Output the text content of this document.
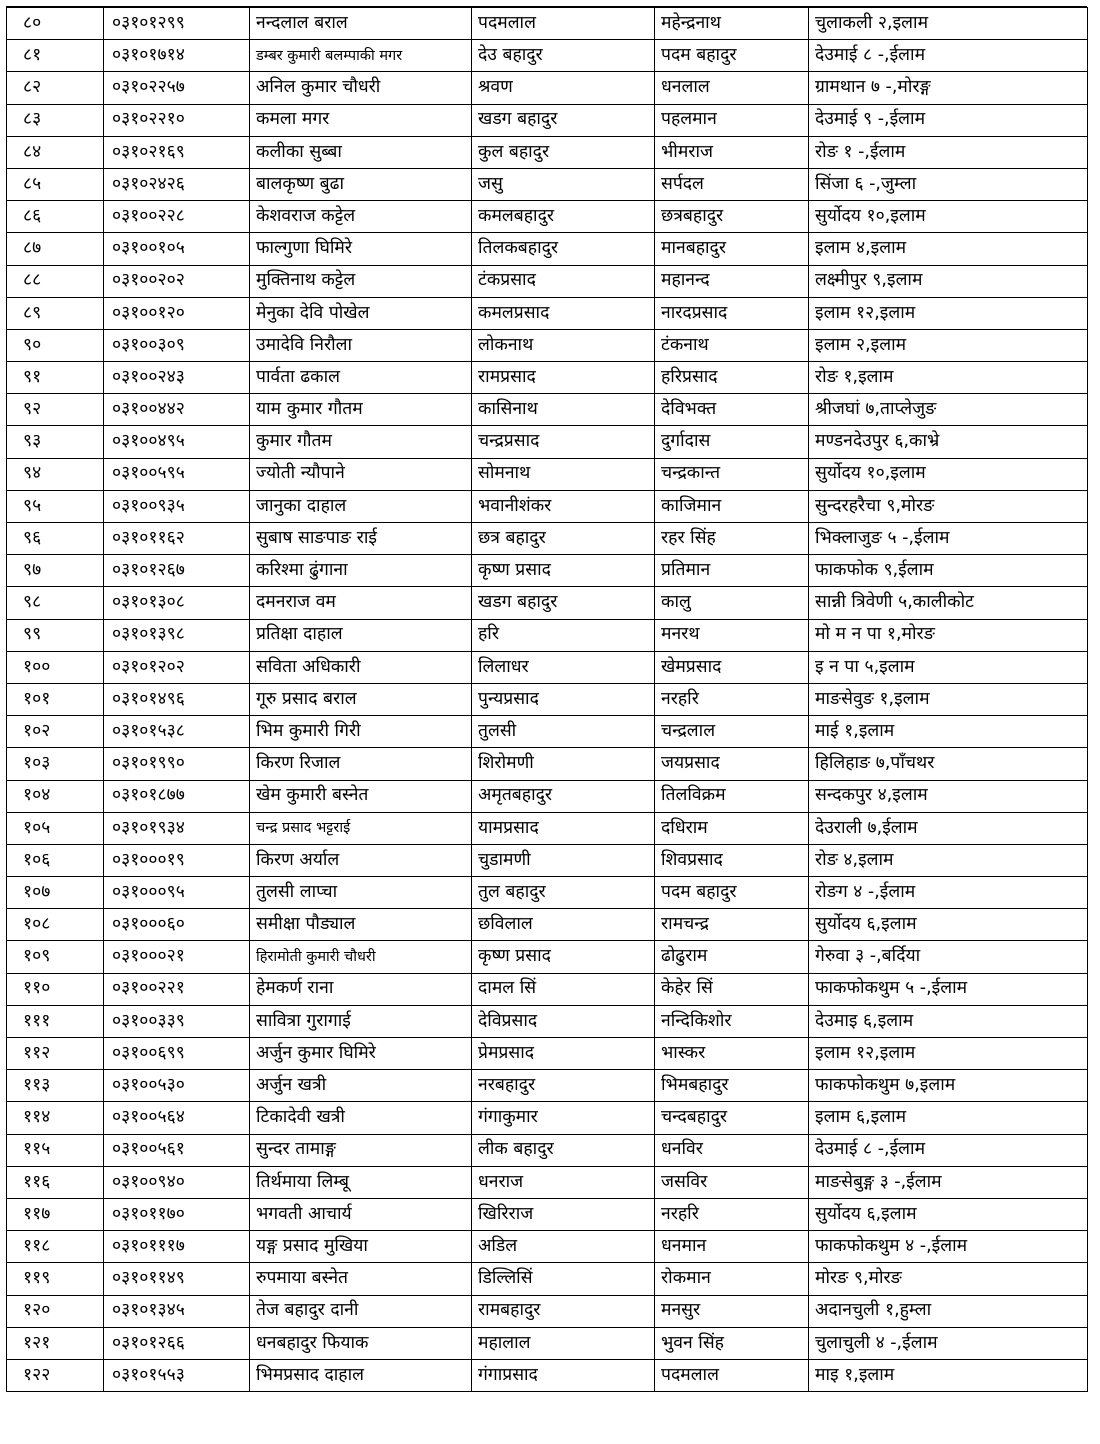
८०	०३१०१२९९	नन्दलाल बराल	पदमलाल	महेन्द्रनाथ	चुलाकली २,इलाम
८१	०३१०१७१४	डम्बर कुमारी बलम्पाकी मगर	देउ बहादुर	पदम बहादुर	देउमाई ८ -,ईलाम
८२	०३१०२२५७	अनिल कुमार चौधरी	श्रवण	धनलाल	ग्रामथान ७ -,मोरङ्ग
८३	०३१०२२१०	कमला मगर	खडग बहादुर	पहलमान	देउमाई ९ -,ईलाम
८४	०३१०२१६९	कलीका सुब्बा	कुल बहादुर	भीमराज	रोङ १ -,ईलाम
८५	०३१०२४२६	बालकृष्ण बुढा	जसु	सर्पदल	सिंजा ६ -,जुम्ला
८६	०३१००२२८	केशवराज कट्टेल	कमलबहादुर	छत्रबहादुर	सुर्योदय १०,इलाम
८७	०३१००१०५	फाल्गुणा घिमिरे	तिलकबहादुर	मानबहादुर	इलाम ४,इलाम
८८	०३१००२०२	मुक्तिनाथ कट्टेल	टंकप्रसाद	महानन्द	लक्ष्मीपुर ९,इलाम
८९	०३१००१२०	मेनुका देवि पोखेल	कमलप्रसाद	नारदप्रसाद	इलाम १२,इलाम
९०	०३१००३०९	उमादेवि निरौला	लोकनाथ	टंकनाथ	इलाम २,इलाम
९१	०३१००२४३	पार्वता ढकाल	रामप्रसाद	हरिप्रसाद	रोङ १,इलाम
९२	०३१००४४२	याम कुमार गौतम	कासिनाथ	देविभक्त	श्रीजघां ७,ताप्लेजुङ
९३	०३१००४९५	कुमार गौतम	चन्द्रप्रसाद	दुर्गादास	मण्डनदेउपुर ६,काभ्रे
९४	०३१००५९५	ज्योती न्यौपाने	सोमनाथ	चन्द्रकान्त	सुर्योदय १०,इलाम
९५	०३१००९३५	जानुका दाहाल	भवानीशंकर	काजिमान	सुन्दरहरैचा ९,मोरङ
९६	०३१०११६२	सुबाष साङपाङ राई	छत्र बहादुर	रहर सिंह	भिक्लाजुङ ५ -,ईलाम
९७	०३१०१२६७	करिश्मा ढुंगाना	कृष्ण प्रसाद	प्रतिमान	फाकफोक ९,ईलाम
९८	०३१०१३०८	दमनराज वम	खडग बहादुर	कालु	सान्नी त्रिवेणी ५,कालीकोट
९९	०३१०१३९८	प्रतिक्षा दाहाल	हरि	मनरथ	मो म न पा १,मोरङ
१००	०३१०१२०२	सविता अधिकारी	लिलाधर	खेमप्रसाद	इ न पा ५,इलाम
१०१	०३१०१४९६	गूरु प्रसाद बराल	पुन्यप्रसाद	नरहरि	माङसेवुङ १,इलाम
१०२	०३१०१५३८	भिम कुमारी गिरी	तुलसी	चन्द्रलाल	माई १,इलाम
१०३	०३१०१९९०	किरण रिजाल	शिरोमणी	जयप्रसाद	हिलिहाङ ७,पाँचथर
१०४	०३१०१८७७	खेम कुमारी बस्नेत	अमृतबहादुर	तिलविक्रम	सन्दकपुर ४,इलाम
१०५	०३१०१९३४	चन्द्र प्रसाद भट्टराई	यामप्रसाद	दधिराम	देउराली ७,ईलाम
१०६	०३१०००१९	किरण अर्याल	चुडामणी	शिवप्रसाद	रोङ ४,इलाम
१०७	०३१०००९५	तुलसी लाप्चा	तुल बहादुर	पदम बहादुर	रोङग ४ -,ईलाम
१०८	०३१०००६०	समीक्षा पौड्याल	छविलाल	रामचन्द्र	सुर्योदय ६,इलाम
१०९	०३१०००२१	हिरामोती कुमारी चौधरी	कृष्ण प्रसाद	ढोढुराम	गेरुवा ३ -,बर्दिया
११०	०३१००२२१	हेमकर्ण राना	दामल सिं	केहेर सिं	फाकफोकथुम ५ -,ईलाम
१११	०३१००३३९	सावित्रा गुरागाई	देविप्रसाद	नन्दिकिशोर	देउमाइ ६,इलाम
११२	०३१००६९९	अर्जुन कुमार घिमिरे	प्रेमप्रसाद	भास्कर	इलाम १२,इलाम
११३	०३१००५३०	अर्जुन खत्री	नरबहादुर	भिमबहादुर	फाकफोकथुम ७,इलाम
११४	०३१००५६४	टिकादेवी खत्री	गंगाकुमार	चन्दबहादुर	इलाम ६,इलाम
११५	०३१००५६१	सुन्दर तामाङ्ग	लीक बहादुर	धनविर	देउमाई ८ -,ईलाम
११६	०३१००९४०	तिर्थमाया लिम्बू	धनराज	जसविर	माङसेबुङ्ग ३ -,ईलाम
११७	०३१०११७०	भगवती आचार्य	खिरिराज	नरहरि	सुर्योदय ६,इलाम
११८	०३१०१११७	यङ्ग प्रसाद मुखिया	अडिल	धनमान	फाकफोकथुम ४ -,ईलाम
११९	०३१०११४९	रुपमाया बस्नेत	डिल्लिसिं	रोकमान	मोरङ ९,मोरङ
१२०	०३१०१३४५	तेज बहादुर दानी	रामबहादुर	मनसुर	अदानचुली १,हुम्ला
१२१	०३१०१२६६	धनबहादुर फियाक	महालाल	भुवन सिंह	चुलाचुली ४ -,ईलाम
१२२	०३१०१५५३	भिमप्रसाद दाहाल	गंगाप्रसाद	पदमलाल	माइ १,इलाम
